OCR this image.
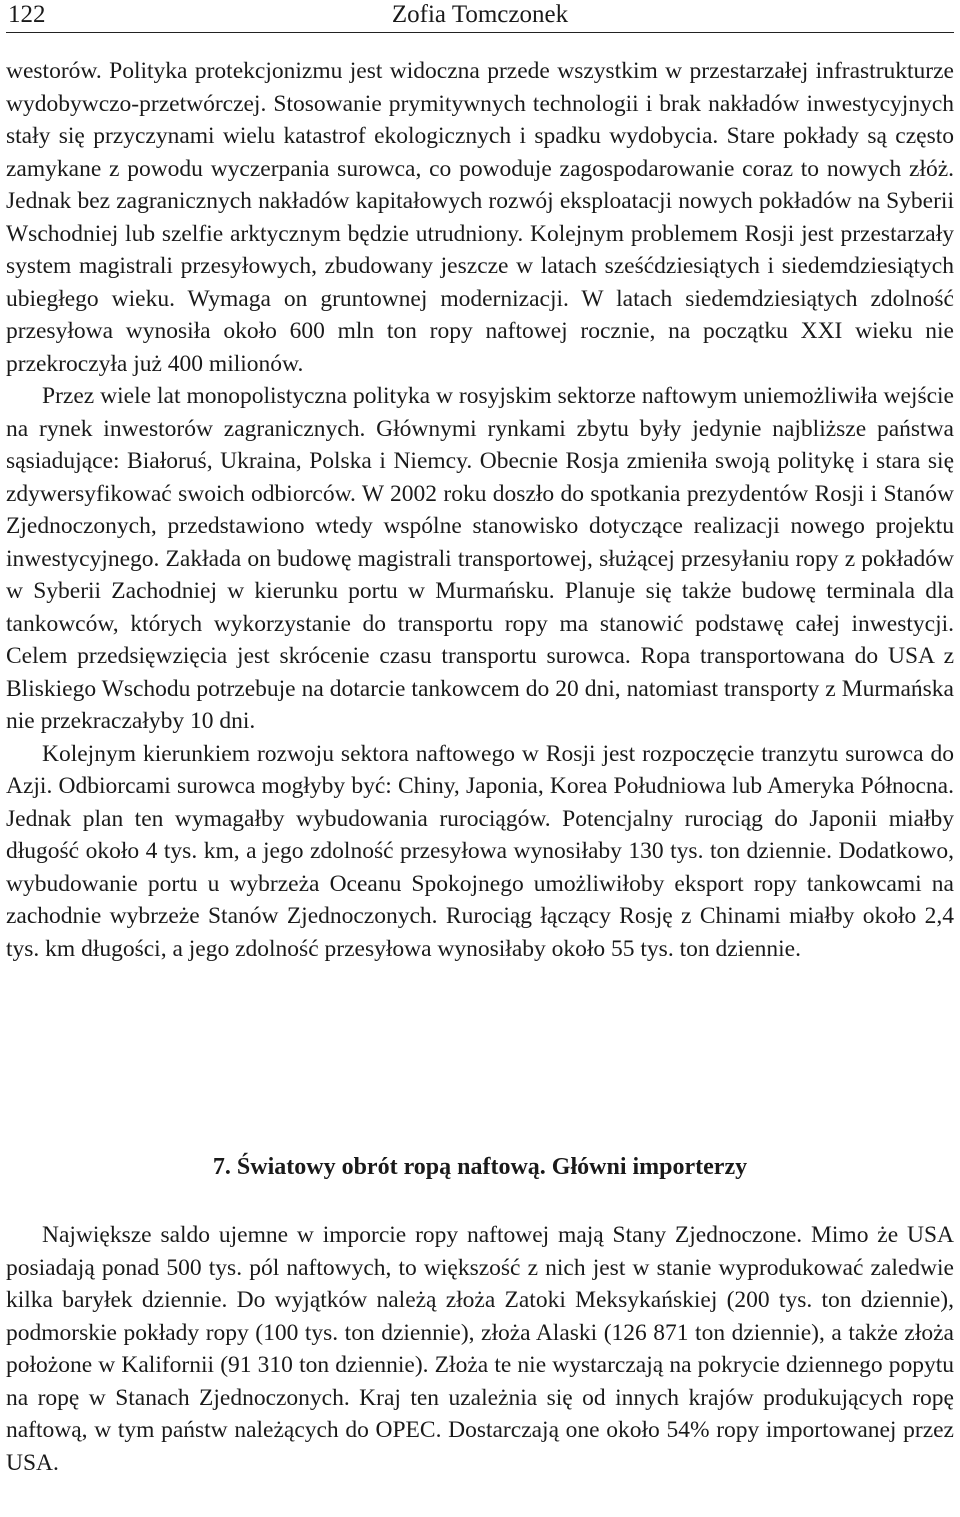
122	Zofia Tomczonek

westorów. Polityka protekcjonizmu jest widoczna przede wszystkim w przestarzałej infrastrukturze wydobywczo-przetwórczej. Stosowanie prymitywnych technologii i brak nakładów inwestycyjnych stały się przyczynami wielu katastrof ekologicznych i spadku wydobycia. Stare pokłady są często zamykane z powodu wyczerpania surowca, co powoduje zagospodarowanie coraz to nowych złóż. Jednak bez zagranicznych nakładów kapitałowych rozwój eksploatacji nowych pokładów na Syberii Wschodniej lub szelfie arktycznym będzie utrudniony. Kolejnym problemem Rosji jest przestarzały system magistrali przesyłowych, zbudowany jeszcze w latach sześćdziesiątych i siedemdziesiątych ubiegłego wieku. Wymaga on gruntownej modernizacji. W latach siedemdziesiątych zdolność przesyłowa wynosiła około 600 mln ton ropy naftowej rocznie, na początku XXI wieku nie przekroczyła już 400 milionów.

Przez wiele lat monopolistyczna polityka w rosyjskim sektorze naftowym uniemożliwiła wejście na rynek inwestorów zagranicznych. Głównymi rynkami zbytu były jedynie najbliższe państwa sąsiadujące: Białoruś, Ukraina, Polska i Niemcy. Obecnie Rosja zmieniła swoją politykę i stara się zdywersyfikować swoich odbiorców. W 2002 roku doszło do spotkania prezydentów Rosji i Stanów Zjednoczonych, przedstawiono wtedy wspólne stanowisko dotyczące realizacji nowego projektu inwestycyjnego. Zakłada on budowę magistrali transportowej, służącej przesyłaniu ropy z pokładów w Syberii Zachodniej w kierunku portu w Murmańsku. Planuje się także budowę terminala dla tankowców, których wykorzystanie do transportu ropy ma stanowić podstawę całej inwestycji. Celem przedsięwzięcia jest skrócenie czasu transportu surowca. Ropa transportowana do USA z Bliskiego Wschodu potrzebuje na dotarcie tankowcem do 20 dni, natomiast transporty z Murmańska nie przekraczałyby 10 dni.

Kolejnym kierunkiem rozwoju sektora naftowego w Rosji jest rozpoczęcie tranzytu surowca do Azji. Odbiorcami surowca mogłyby być: Chiny, Japonia, Korea Południowa lub Ameryka Północna. Jednak plan ten wymagałby wybudowania rurociągów. Potencjalny rurociąg do Japonii miałby długość około 4 tys. km, a jego zdolność przesyłowa wynosiłaby 130 tys. ton dziennie. Dodatkowo, wybudowanie portu u wybrzeża Oceanu Spokojnego umożliwiłoby eksport ropy tankowcami na zachodnie wybrzeże Stanów Zjednoczonych. Rurociąg łączący Rosję z Chinami miałby około 2,4 tys. km długości, a jego zdolność przesyłowa wynosiłaby około 55 tys. ton dziennie.

7. Światowy obrót ropą naftową. Główni importerzy

Największe saldo ujemne w imporcie ropy naftowej mają Stany Zjednoczone. Mimo że USA posiadają ponad 500 tys. pól naftowych, to większość z nich jest w stanie wyprodukować zaledwie kilka baryłek dziennie. Do wyjątków należą złoża Zatoki Meksykańskiej (200 tys. ton dziennie), podmorskie pokłady ropy (100 tys. ton dziennie), złoża Alaski (126 871 ton dziennie), a także złoża położone w Kalifornii (91 310 ton dziennie). Złoża te nie wystarczają na pokrycie dziennego popytu na ropę w Stanach Zjednoczonych. Kraj ten uzależnia się od innych krajów produkujących ropę naftową, w tym państw należących do OPEC. Dostarczają one około 54% ropy importowanej przez USA.
